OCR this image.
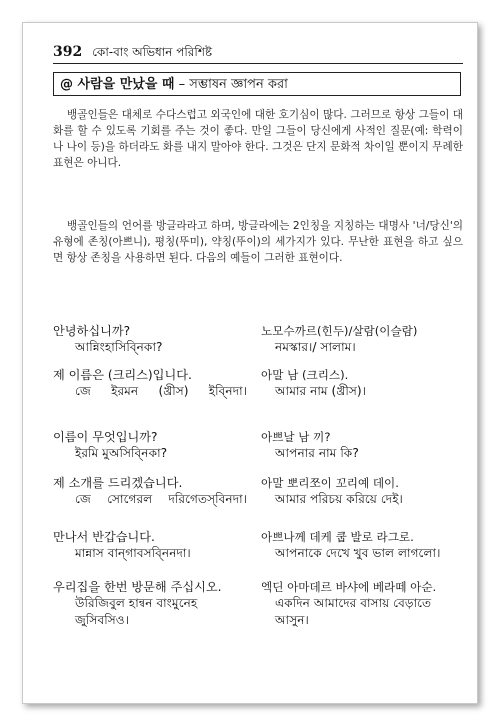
392 কো-বাং অভিধান পরিশিষ্ট
@ 사람을 만났을 때 – সম্ভাষন জ্ঞাপন করা
뱅골인들은 대체로 수다스럽고 외국인에 대한 호기심이 많다. 그러므로 항상 그들이 대화를 할 수 있도록 기회를 주는 것이 좋다. 만일 그들이 당신에게 사적인 질문(예: 학력이나 나이 등)을 하더라도 화를 내지 말아야 한다. 그것은 단지 문화적 차이일 뿐이지 무례한 표현은 아니다.
뱅골인들의 언어를 방글라라고 하며, 방글라에는 2인칭을 지칭하는 대명사 '너/당신'의 유형에 존칭(아쁘니), 평칭(뚜미), 약칭(뚜이)의 세가지가 있다. 무난한 표현을 하고 싶으면 항상 존칭을 사용하면 된다. 다음의 예들이 그러한 표현이다.
안녕하십니까?
আন্নিংহাসিব্নিকা?
노모수까르(힌두)/살람(이슬람)
নমস্কার।/ সালাম।
제 이름은 (크리스)입니다.
জে ইরমন (খ্রীস) ইব্নিদা।
아말 남 (크리스).
আমার নাম (খ্রীস)।
이름이 무엇입니까?
ইরমি মুঅসিব্নিকা?
아쁘날 남 끼?
আপনার নাম কি?
제 소개를 드리겠습니다.
জে সোগেরল দরিগেতস্‌বিনদা।
아말 뽀리쪼이 꼬리예 데이.
আমার পরিচয় করিয়ে দেই।
만나서 반갑습니다.
মান্নাস বান্গাবসব্নিনদা।
아쁘나께 데케 쿱 발로 라그로.
আপনাকে দেখে খুব ভাল লাগলো।
우리집을 한번 방문해 주십시오.
উরিজিবুল হান্বন বাংমুনেহ জুসিবসিও।
엑딘 아마데르 바샤에 베라떼 아순.
একদিন আমাদের বাসায় বেড়াতে আসুন।
